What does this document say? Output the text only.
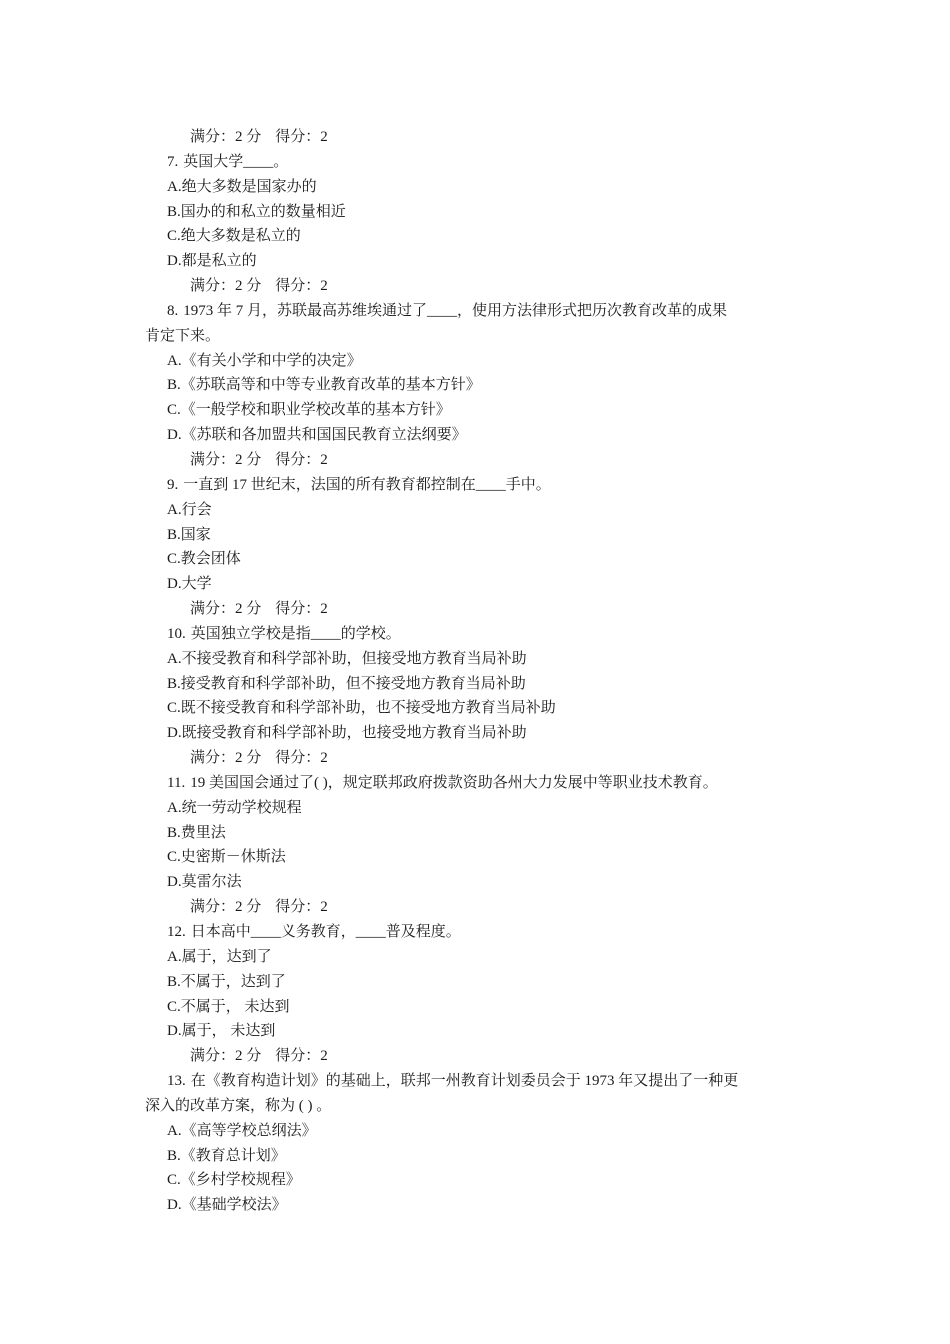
满分：2 分 得分：2
7. 英国大学____。
A.绝大多数是国家办的
B.国办的和私立的数量相近
C.绝大多数是私立的
D.都是私立的
满分：2 分 得分：2
8. 1973 年 7 月，苏联最高苏维埃通过了____，使用方法律形式把历次教育改革的成果
肯定下来。
A.《有关小学和中学的决定》
B.《苏联高等和中等专业教育改革的基本方针》
C.《一般学校和职业学校改革的基本方针》
D.《苏联和各加盟共和国国民教育立法纲要》
满分：2 分 得分：2
9. 一直到 17 世纪末，法国的所有教育都控制在____手中。
A.行会
B.国家
C.教会团体
D.大学
满分：2 分 得分：2
10. 英国独立学校是指____的学校。
A.不接受教育和科学部补助，但接受地方教育当局补助
B.接受教育和科学部补助，但不接受地方教育当局补助
C.既不接受教育和科学部补助，也不接受地方教育当局补助
D.既接受教育和科学部补助，也接受地方教育当局补助
满分：2 分 得分：2
11. 19 美国国会通过了( )，规定联邦政府拨款资助各州大力发展中等职业技术教育。
A.统一劳动学校规程
B.费里法
C.史密斯－休斯法
D.莫雷尔法
满分：2 分 得分：2
12. 日本高中____义务教育，____普及程度。
A.属于，达到了
B.不属于，达到了
C.不属于， 未达到
D.属于， 未达到
满分：2 分 得分：2
13. 在《教育构造计划》的基础上，联邦一州教育计划委员会于 1973 年又提出了一种更
深入的改革方案，称为 ( ) 。
A.《高等学校总纲法》
B.《教育总计划》
C.《乡村学校规程》
D.《基础学校法》
